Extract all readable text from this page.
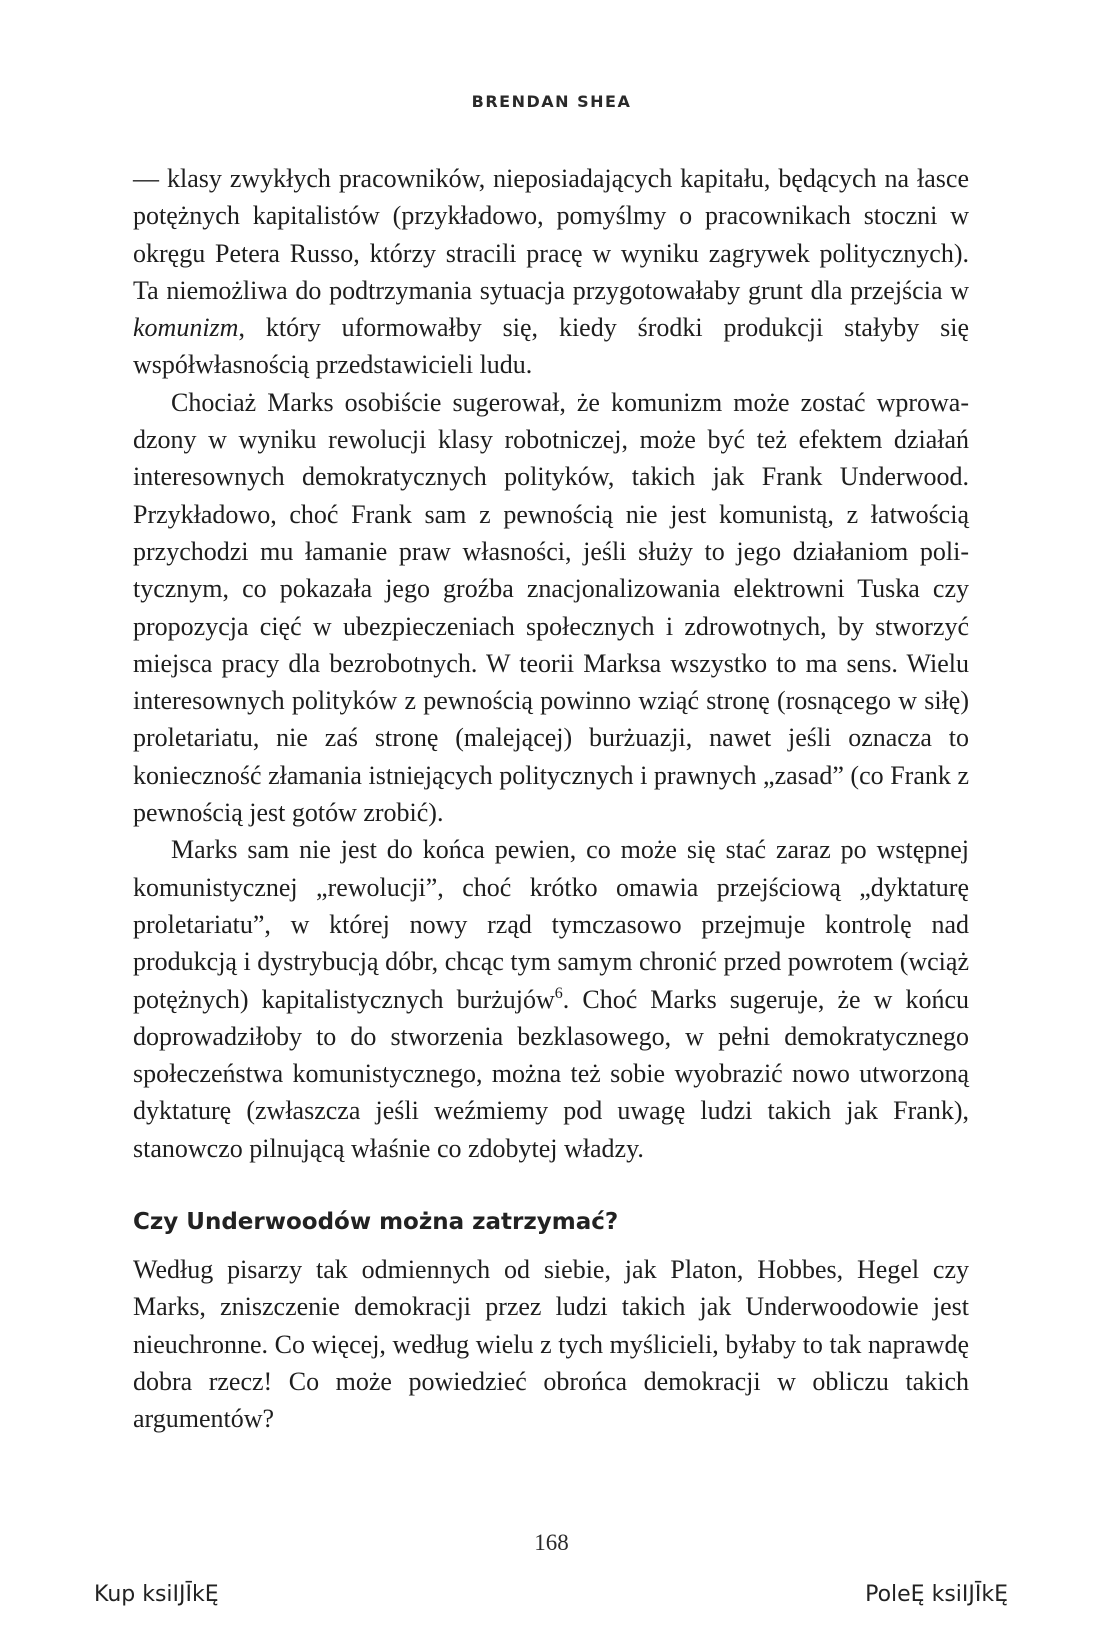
BRENDAN SHEA

— klasy zwykłych pracowników, nieposiadających kapitału, będących na łasce potężnych kapitalistów (przykładowo, pomyślmy o pracownikach stoczni w okręgu Petera Russo, którzy stracili pracę w wyniku zagrywek politycznych). Ta niemożliwa do podtrzymania sytuacja przygotowałaby grunt dla przejścia w komunizm, który uformowałby się, kiedy środki produkcji stałyby się współwłasnością przedstawicieli ludu.

Chociaż Marks osobiście sugerował, że komunizm może zostać wprowadzony w wyniku rewolucji klasy robotniczej, może być też efektem działań interesownych demokratycznych polityków, takich jak Frank Underwood. Przykładowo, choć Frank sam z pewnością nie jest komunistą, z łatwością przychodzi mu łamanie praw własności, jeśli służy to jego działaniom politycznym, co pokazała jego groźba znacjonalizowania elektrowni Tuska czy propozycja cięć w ubezpieczeniach społecznych i zdrowotnych, by stworzyć miejsca pracy dla bezrobotnych. W teorii Marksa wszystko to ma sens. Wielu interesownych polityków z pewnością powinno wziąć stronę (rosnącego w siłę) proletariatu, nie zaś stronę (malejącej) burżuazji, nawet jeśli oznacza to konieczność złamania istniejących politycznych i prawnych „zasad” (co Frank z pewnością jest gotów zrobić).

Marks sam nie jest do końca pewien, co może się stać zaraz po wstępnej komunistycznej „rewolucji”, choć krótko omawia przejściową „dyktaturę proletariatu”, w której nowy rząd tymczasowo przejmuje kontrolę nad produkcją i dystrybucją dóbr, chcąc tym samym chronić przed powrotem (wciąż potężnych) kapitalistycznych burżujów$^6$. Choć Marks sugeruje, że w końcu doprowadziłoby to do stworzenia bezklasowego, w pełni demokratycznego społeczeństwa komunistycznego, można też sobie wyobrazić nowo utworzoną dyktaturę (zwłaszcza jeśli weźmiemy pod uwagę ludzi takich jak Frank), stanowczo pilnującą właśnie co zdobytej władzy.

Czy Underwoodów można zatrzymać?

Według pisarzy tak odmiennych od siebie, jak Platon, Hobbes, Hegel czy Marks, zniszczenie demokracji przez ludzi takich jak Underwoodowie jest nieuchronne. Co więcej, według wielu z tych myślicieli, byłaby to tak naprawdę dobra rzecz! Co może powiedzieć obrońca demokracji w obliczu takich argumentów?

168
Kup ksiĲĪkĘ	PoleĘ ksiĲĪkĘ
